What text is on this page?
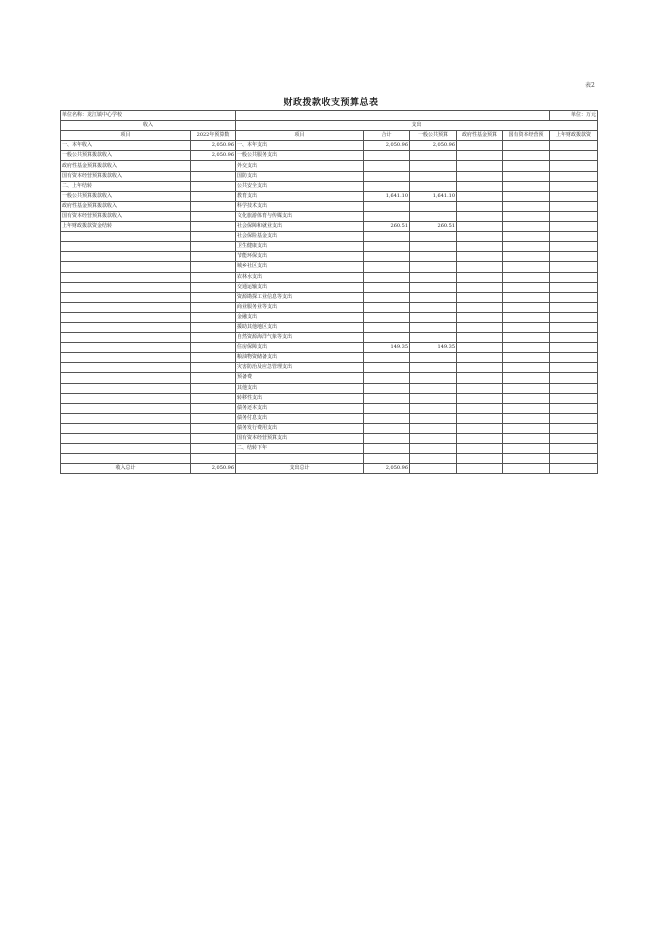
表2
财政拨款收支预算总表
单位名称：龙江镇中心学校							单位：万元
收入		支出					
项目	2022年预算数	项目	合计	一般公共预算	政府性基金预算	国有资本经营预	上年财政拨款资
一、本年收入	2,050.96	一、本年支出	2,050.96	2,050.96			
一般公共预算拨款收入	2,050.96	一般公共服务支出					
政府性基金预算拨款收入		外交支出					
国有资本经营预算拨款收入		国防支出					
二、上年结转		公共安全支出					
一般公共预算拨款收入		教育支出	1,641.10	1,641.10			
政府性基金预算拨款收入		科学技术支出					
国有资本经营预算拨款收入		文化旅游体育与传媒支出					
上年财政拨款资金结转		社会保障和就业支出	260.51	260.51			
		社会保险基金支出					
		卫生健康支出					
		节能环保支出					
		城乡社区支出					
		农林水支出					
		交通运输支出					
		资源勘探工业信息等支出					
		商业服务业等支出					
		金融支出					
		援助其他地区支出					
		自然资源海洋气象等支出					
		住房保障支出	149.35	149.35			
		粮油物资储备支出					
		灾害防治及应急管理支出					
		预备费					
		其他支出					
		转移性支出					
		债务还本支出					
		债务付息支出					
		债务发行费用支出					
		国有资本经营预算支出					
		二、结转下年					

收入总计	2,050.96	支出总计	2,050.96				
